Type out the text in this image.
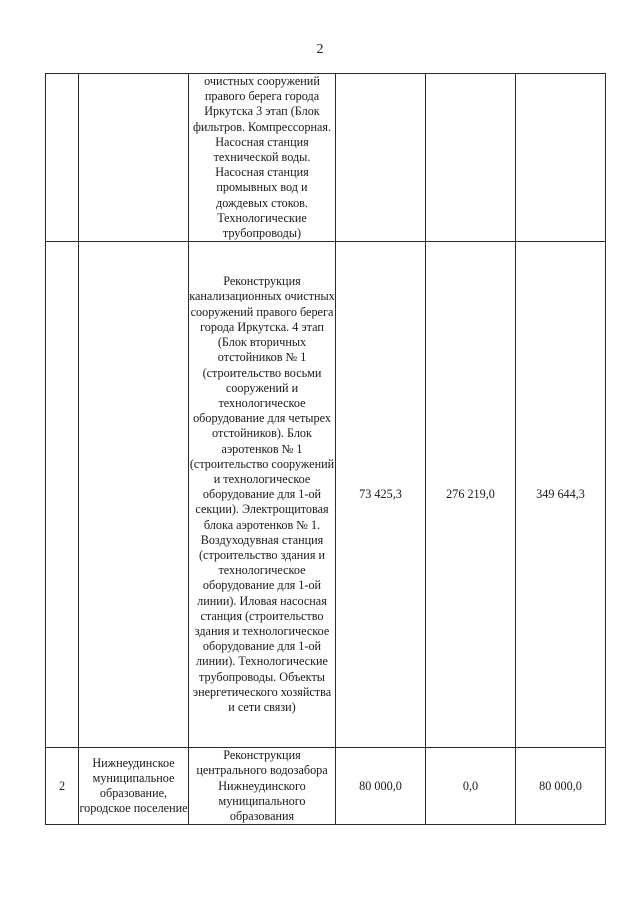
2
		очистных сооружений правого берега города Иркутска 3 этап (Блок фильтров. Компрессорная. Насосная станция технической воды. Насосная станция промывных вод и дождевых стоков. Технологические трубопроводы)			
		Реконструкция канализационных очистных сооружений правого берега города Иркутска. 4 этап (Блок вторичных отстойников № 1 (строительство восьми сооружений и технологическое оборудование для четырех отстойников). Блок аэротенков № 1 (строительство сооружений и технологическое оборудование для 1-ой секции). Электрощитовая блока аэротенков № 1. Воздуходувная станция (строительство здания и технологическое оборудование для 1-ой линии). Иловая насосная станция (строительство здания и технологическое оборудование для 1-ой линии). Технологические трубопроводы. Объекты энергетического хозяйства и сети связи)	73 425,3	276 219,0	349 644,3
2	Нижнеудинское муниципальное образование, городское поселение	Реконструкция центрального водозабора Нижнеудинского муниципального образования	80 000,0	0,0	80 000,0
